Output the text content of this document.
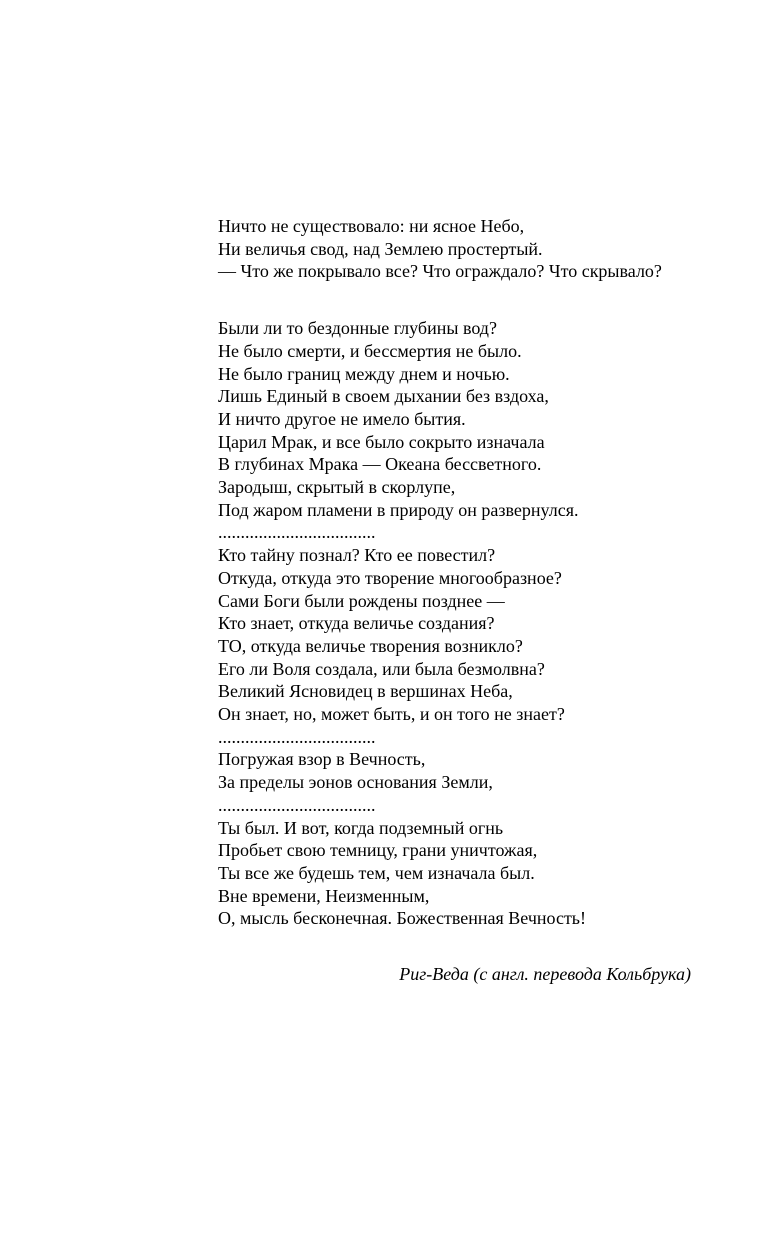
Ничто не существовало: ни ясное Небо,
Ни величья свод, над Землею простертый.
— Что же покрывало все? Что ограждало? Что скрывало?
Были ли то бездонные глубины вод?
Не было смерти, и бессмертия не было.
Не было границ между днем и ночью.
Лишь Единый в своем дыхании без вздоха,
И ничто другое не имело бытия.
Царил Мрак, и все было сокрыто изначала
В глубинах Мрака — Океана бессветного.
Зародыш, скрытый в скорлупе,
Под жаром пламени в природу он развернулся.
...................................
Кто тайну познал? Кто ее повестил?
Откуда, откуда это творение многообразное?
Сами Боги были рождены позднее —
Кто знает, откуда величье создания?
ТО, откуда величье творения возникло?
Его ли Воля создала, или была безмолвна?
Великий Ясновидец в вершинах Неба,
Он знает, но, может быть, и он того не знает?
...................................
Погружая взор в Вечность,
За пределы эонов основания Земли,
...................................
Ты был. И вот, когда подземный огнь
Пробьет свою темницу, грани уничтожая,
Ты все же будешь тем, чем изначала был.
Вне времени, Неизменным,
О, мысль бесконечная. Божественная Вечность!
Риг-Веда (с англ. перевода Кольбрука)
